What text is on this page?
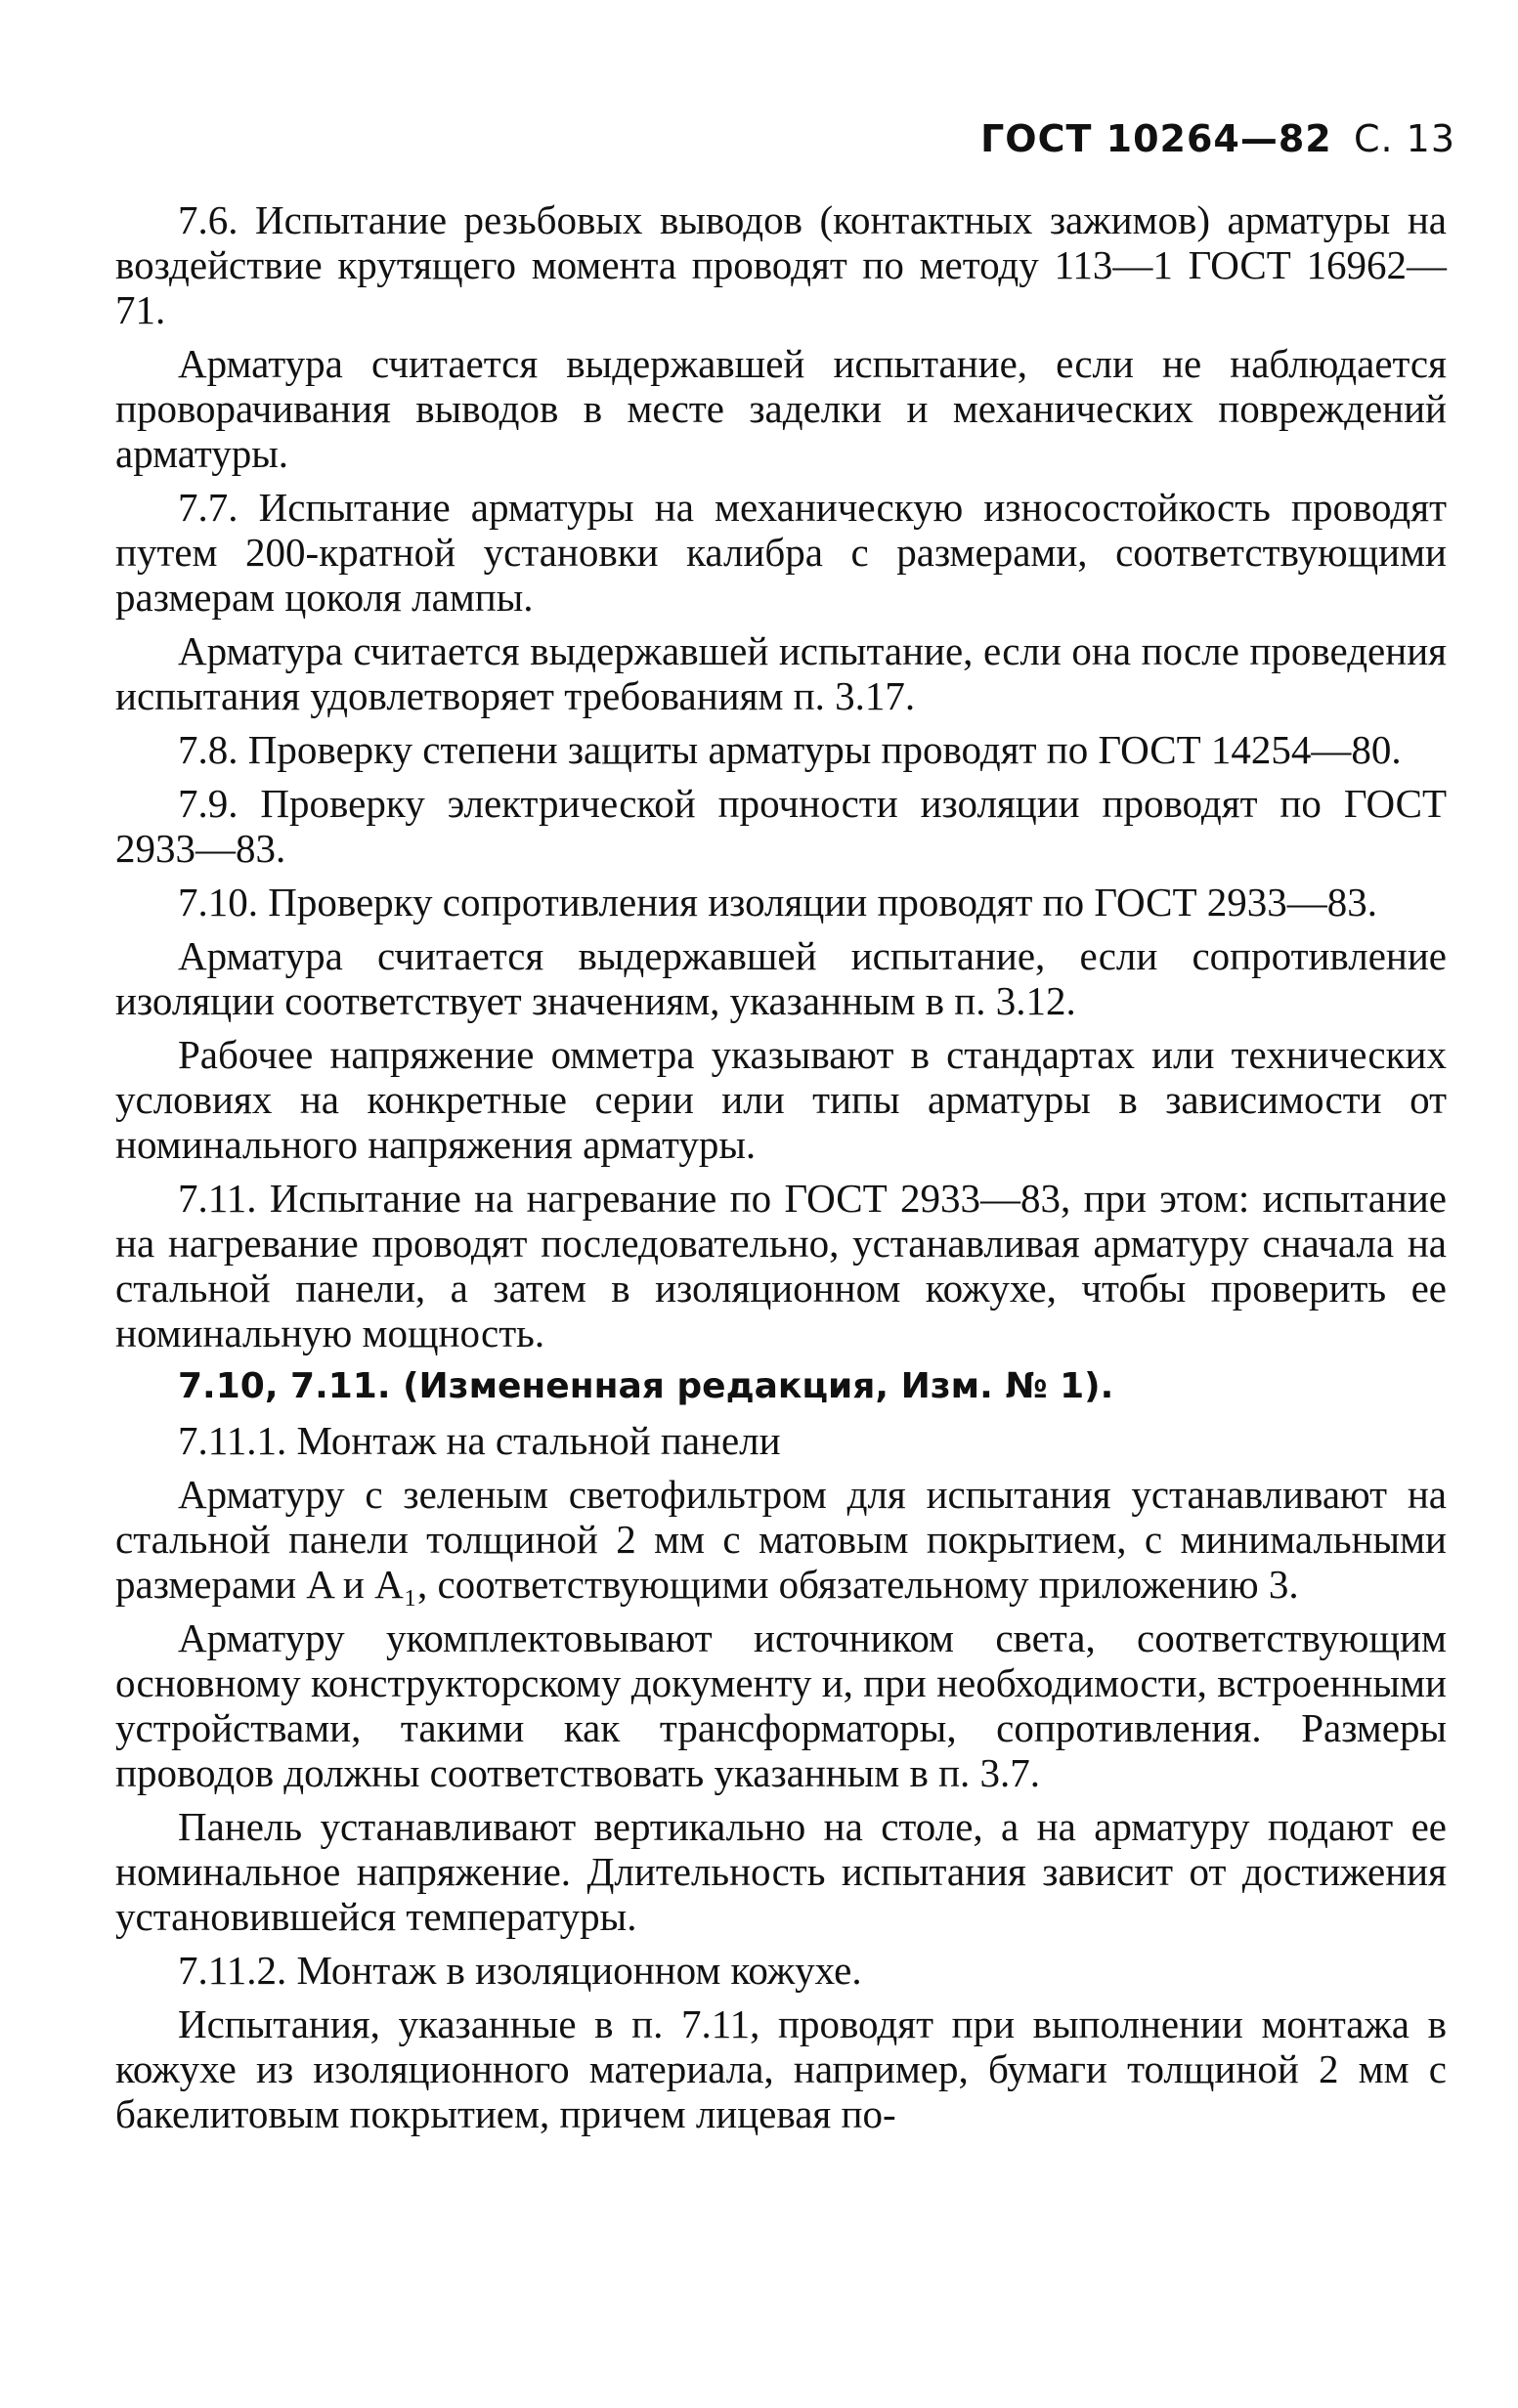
ГОСТ 10264—82 С. 13

7.6. Испытание резьбовых выводов (контактных зажимов) арматуры на воздействие крутящего момента проводят по методу 113—1 ГОСТ 16962—71.

Арматура считается выдержавшей испытание, если не наблюдается проворачивания выводов в месте заделки и механических повреждений арматуры.

7.7. Испытание арматуры на механическую износостойкость проводят путем 200-кратной установки калибра с размерами, соответствующими размерам цоколя лампы.

Арматура считается выдержавшей испытание, если она после проведения испытания удовлетворяет требованиям п. 3.17.

7.8. Проверку степени защиты арматуры проводят по ГОСТ 14254—80.

7.9. Проверку электрической прочности изоляции проводят по ГОСТ 2933—83.

7.10. Проверку сопротивления изоляции проводят по ГОСТ 2933—83.

Арматура считается выдержавшей испытание, если сопротивление изоляции соответствует значениям, указанным в п. 3.12.

Рабочее напряжение омметра указывают в стандартах или технических условиях на конкретные серии или типы арматуры в зависимости от номинального напряжения арматуры.

7.11. Испытание на нагревание по ГОСТ 2933—83, при этом: испытание на нагревание проводят последовательно, устанавливая арматуру сначала на стальной панели, а затем в изоляционном кожухе, чтобы проверить ее номинальную мощность.

7.10, 7.11. (Измененная редакция, Изм. № 1).

7.11.1. Монтаж на стальной панели

Арматуру с зеленым светофильтром для испытания устанавливают на стальной панели толщиной 2 мм с матовым покрытием, с минимальными размерами A и A₁, соответствующими обязательному приложению 3.

Арматуру укомплектовывают источником света, соответствующим основному конструкторскому документу и, при необходимости, встроенными устройствами, такими как трансформаторы, сопротивления. Размеры проводов должны соответствовать указанным в п. 3.7.

Панель устанавливают вертикально на столе, а на арматуру подают ее номинальное напряжение. Длительность испытания зависит от достижения установившейся температуры.

7.11.2. Монтаж в изоляционном кожухе.

Испытания, указанные в п. 7.11, проводят при выполнении монтажа в кожухе из изоляционного материала, например, бумаги толщиной 2 мм с бакелитовым покрытием, причем лицевая по-
